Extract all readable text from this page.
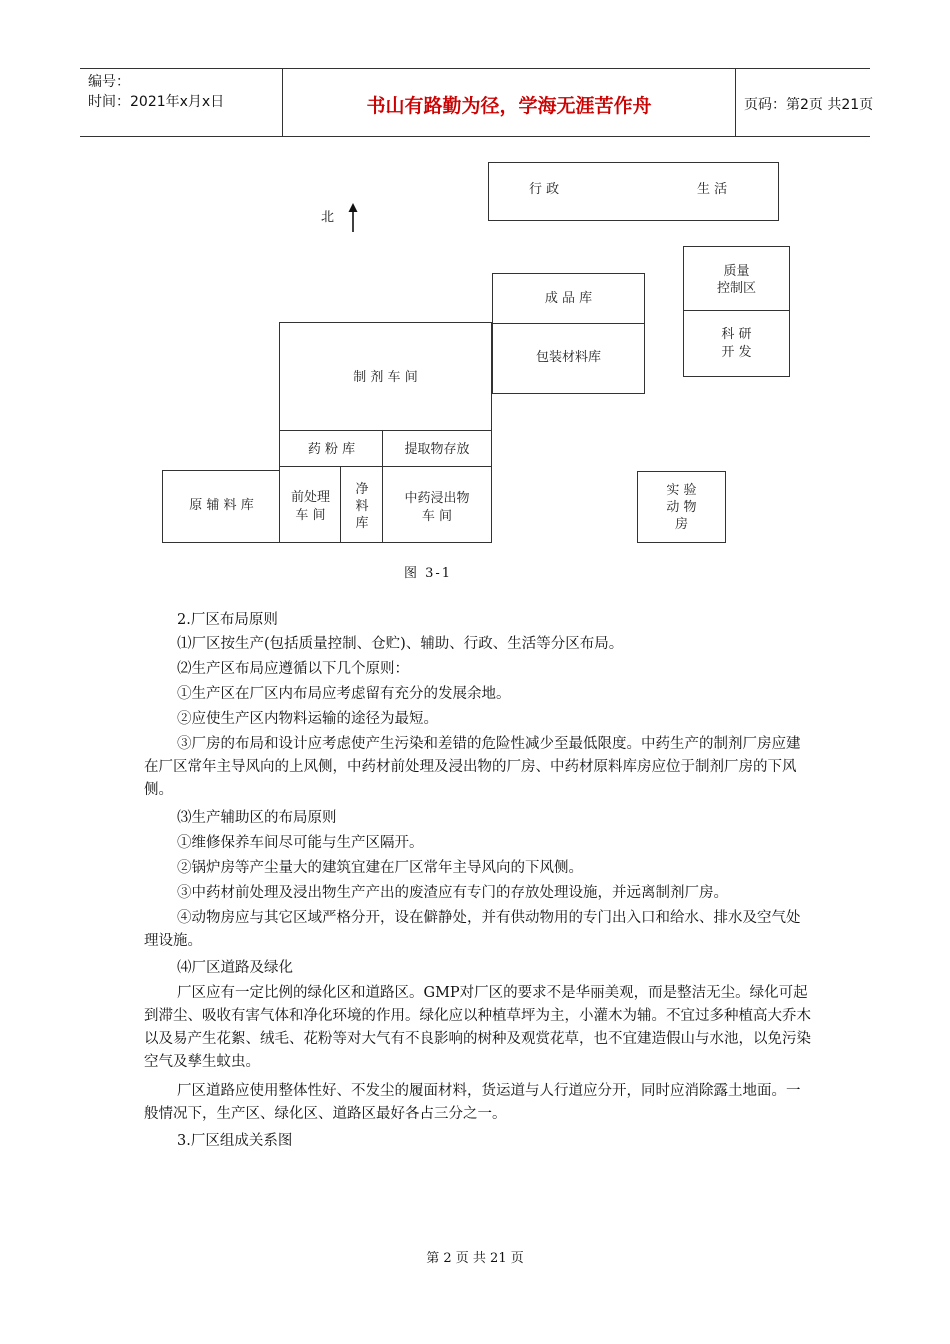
编号：
时间：2021年x月x日	书山有路勤为径，学海无涯苦作舟	页码：第2页 共21页
行 政	生 活
北
成 品 库
包装材料库
质量
控制区
科 研
开 发
制 剂 车 间
药 粉 库	提取物存放
原 辅 料 库
前处理
车 间
净
料
库
中药浸出物
车 间
实 验
动 物
房
图 3-1
2.厂区布局原则
⑴厂区按生产(包括质量控制、仓贮)、辅助、行政、生活等分区布局。
⑵生产区布局应遵循以下几个原则：
①生产区在厂区内布局应考虑留有充分的发展余地。
②应使生产区内物料运输的途径为最短。
③厂房的布局和设计应考虑使产生污染和差错的危险性减少至最低限度。中药生产的制剂厂房应建在厂区常年主导风向的上风侧，中药材前处理及浸出物的厂房、中药材原料库房应位于制剂厂房的下风侧。
⑶生产辅助区的布局原则
①维修保养车间尽可能与生产区隔开。
②锅炉房等产尘量大的建筑宜建在厂区常年主导风向的下风侧。
③中药材前处理及浸出物生产产出的废渣应有专门的存放处理设施，并远离制剂厂房。
④动物房应与其它区域严格分开，设在僻静处，并有供动物用的专门出入口和给水、排水及空气处理设施。
⑷厂区道路及绿化
厂区应有一定比例的绿化区和道路区。GMP对厂区的要求不是华丽美观，而是整洁无尘。绿化可起到滞尘、吸收有害气体和净化环境的作用。绿化应以种植草坪为主，小灌木为辅。不宜过多种植高大乔木以及易产生花絮、绒毛、花粉等对大气有不良影响的树种及观赏花草，也不宜建造假山与水池，以免污染空气及孳生蚊虫。
厂区道路应使用整体性好、不发尘的履面材料，货运道与人行道应分开，同时应消除露土地面。一般情况下，生产区、绿化区、道路区最好各占三分之一。
3.厂区组成关系图
第 2 页 共 21 页
